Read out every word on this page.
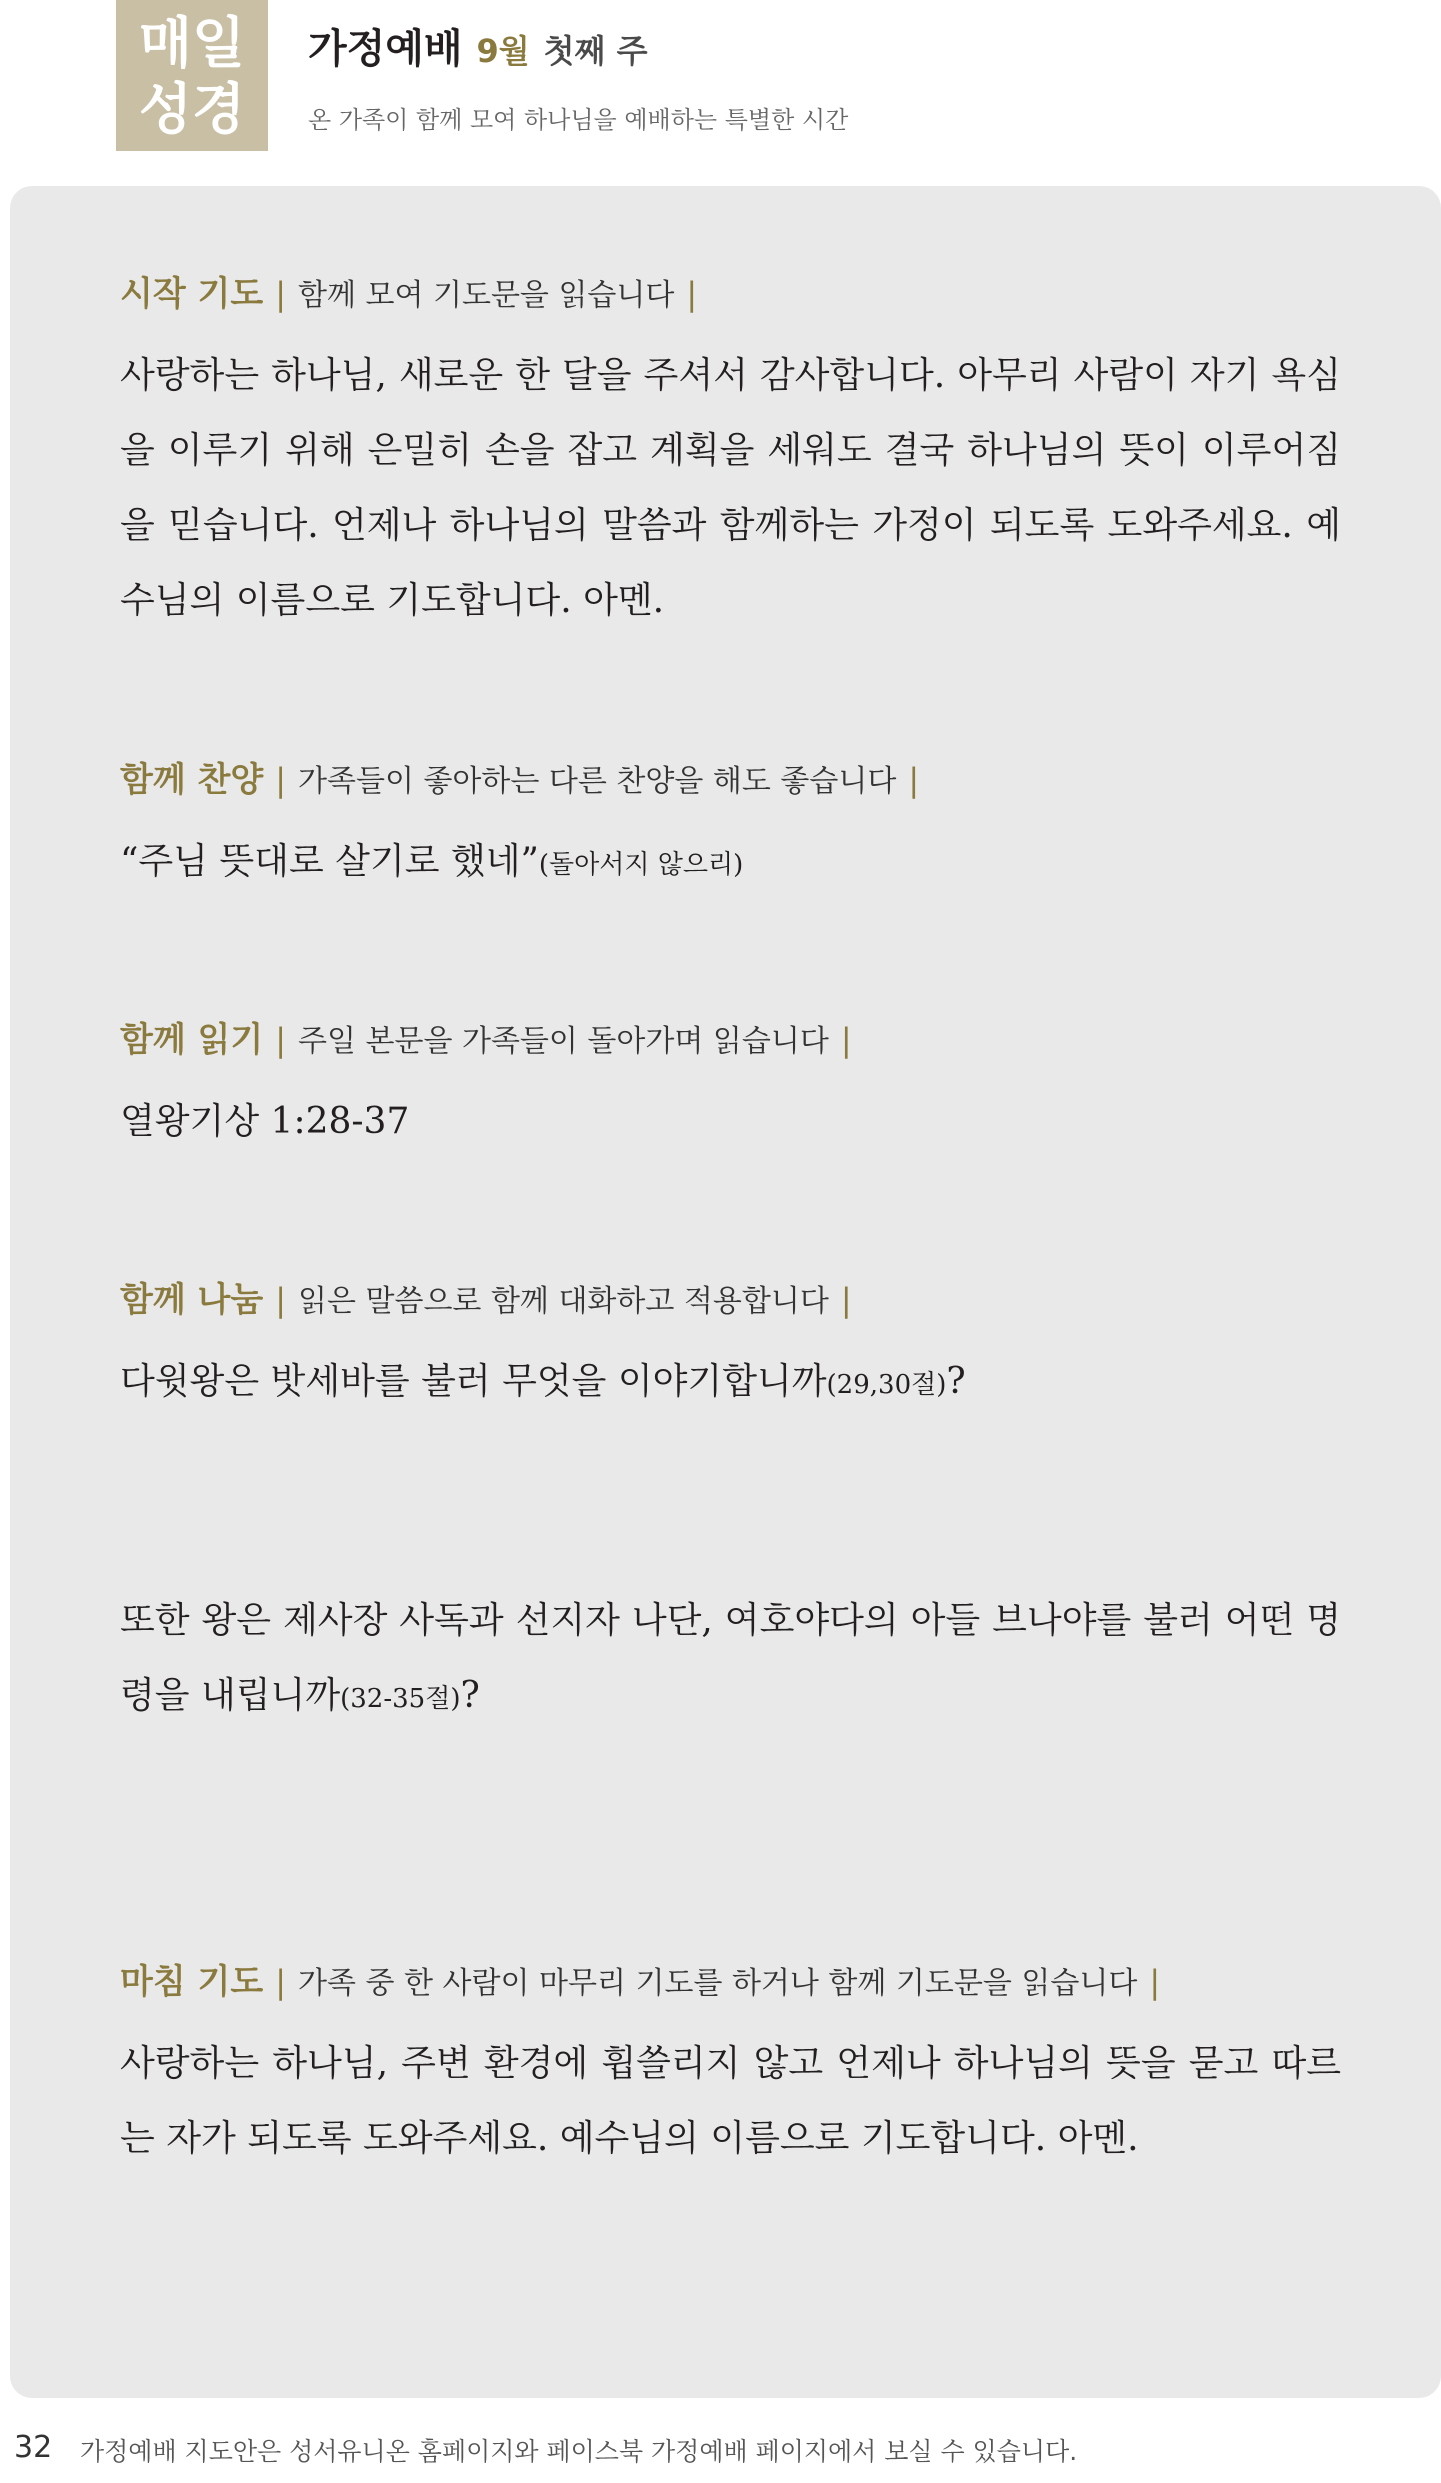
매일
성경
가정예배 9월 첫째 주
온 가족이 함께 모여 하나님을 예배하는 특별한 시간
시작 기도 | 함께 모여 기도문을 읽습니다 |
사랑하는 하나님, 새로운 한 달을 주셔서 감사합니다. 아무리 사람이 자기 욕심을 이루기 위해 은밀히 손을 잡고 계획을 세워도 결국 하나님의 뜻이 이루어짐을 믿습니다. 언제나 하나님의 말씀과 함께하는 가정이 되도록 도와주세요. 예수님의 이름으로 기도합니다. 아멘.
함께 찬양 | 가족들이 좋아하는 다른 찬양을 해도 좋습니다 |
“주님 뜻대로 살기로 했네”(돌아서지 않으리)
함께 읽기 | 주일 본문을 가족들이 돌아가며 읽습니다 |
열왕기상 1:28-37
함께 나눔 | 읽은 말씀으로 함께 대화하고 적용합니다 |
다윗왕은 밧세바를 불러 무엇을 이야기합니까(29,30절)?
또한 왕은 제사장 사독과 선지자 나단, 여호야다의 아들 브나야를 불러 어떤 명령을 내립니까(32-35절)?
마침 기도 | 가족 중 한 사람이 마무리 기도를 하거나 함께 기도문을 읽습니다 |
사랑하는 하나님, 주변 환경에 휩쓸리지 않고 언제나 하나님의 뜻을 묻고 따르는 자가 되도록 도와주세요. 예수님의 이름으로 기도합니다. 아멘.
32 가정예배 지도안은 성서유니온 홈페이지와 페이스북 가정예배 페이지에서 보실 수 있습니다.
